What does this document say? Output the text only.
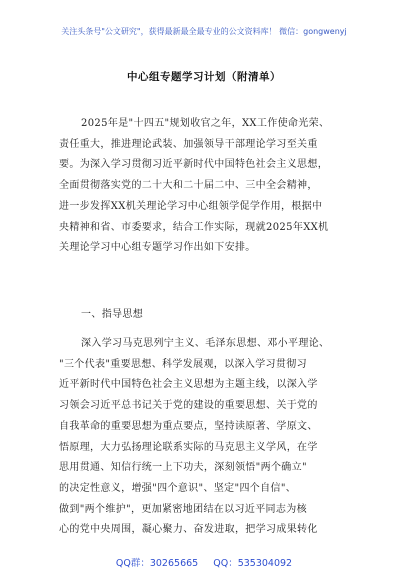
关注头条号"公文研究"，获得最新最全最专业的公文资料库！ 微信：gongwenyj
中心组专题学习计划（附清单）
2025年是"十四五"规划收官之年，XX工作使命光荣、
责任重大，推进理论武装、加强领导干部理论学习至关重
要。为深入学习贯彻习近平新时代中国特色社会主义思想，
全面贯彻落实党的二十大和二十届二中、三中全会精神，
进一步发挥XX机关理论学习中心组领学促学作用，根据中
央精神和省、市委要求，结合工作实际，现就2025年XX机
关理论学习中心组专题学习作出如下安排。
一、指导思想
深入学习马克思列宁主义、毛泽东思想、邓小平理论、
"三个代表"重要思想、科学发展观，以深入学习贯彻习
近平新时代中国特色社会主义思想为主题主线，以深入学
习领会习近平总书记关于党的建设的重要思想、关于党的
自我革命的重要思想为重点要点，坚持读原著、学原文、
悟原理，大力弘扬理论联系实际的马克思主义学风，在学
思用贯通、知信行统一上下功夫，深刻领悟"两个确立"
的决定性意义，增强"四个意识"、坚定"四个自信"、
做到"两个维护"，更加紧密地团结在以习近平同志为核
心的党中央周围，凝心聚力、奋发进取，把学习成果转化
QQ群：30265665 QQ：535304092
